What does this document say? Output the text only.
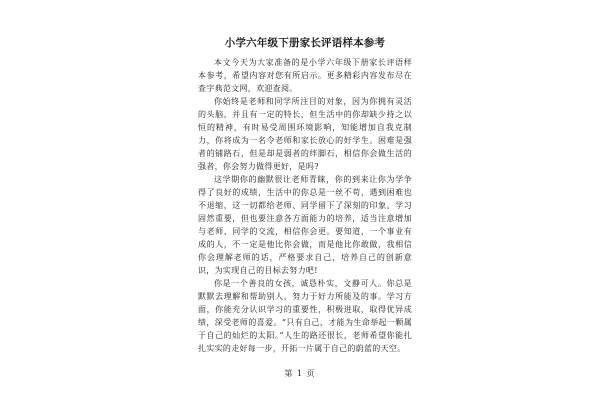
小学六年级下册家长评语样本参考

本文今天为大家准备的是小学六年级下册家长评语样本参考，希望内容对您有所启示。更多精彩内容发布尽在查字典范文网，欢迎查阅。

你始终是老师和同学所注目的对象，因为你拥有灵活的头脑，并且有一定的特长，但生活中的你却缺少持之以恒的精神，有时易受周围环境影响，知能增加自我克制力，你将成为一名令老师和家长放心的好学生。困难是强者的铺路石，但是却是弱者的绊脚石，相信你会做生活的强者，你会努力做得更好，是吗?

这学期你的幽默很让老师青睐，你的到来让你为学争得了良好的成绩，生活中的你总是一丝不苟，遇到困难也不退缩，这一切都给老师、同学留下了深刻的印象。学习固然重要，但也要注意各方面能力的培养，适当注意增加与老师、同学的交流，相信你会更。要知道，一个事业有成的人，不一定是他比你会做，而是他比你敢做，我相信你会理解老师的话，严格要求自己，培养自己的创新意识，为实现自己的目标去努力吧!

你是一个善良的女孩，诚恳朴实，文静可人。你总是默默去理解和帮助别人，努力于好力所能及的事。学习方面，你能充分认识学习的重要性，积极进取，取得优异成绩，深受老师的喜爱。“只有自己，才能为生命举起一颗属于自己的灿烂的太阳。”人生的路还很长，老师希望你能扎扎实实的走好每一步，开拓一片属于自己的蔚蓝的天空。

第 1 页
